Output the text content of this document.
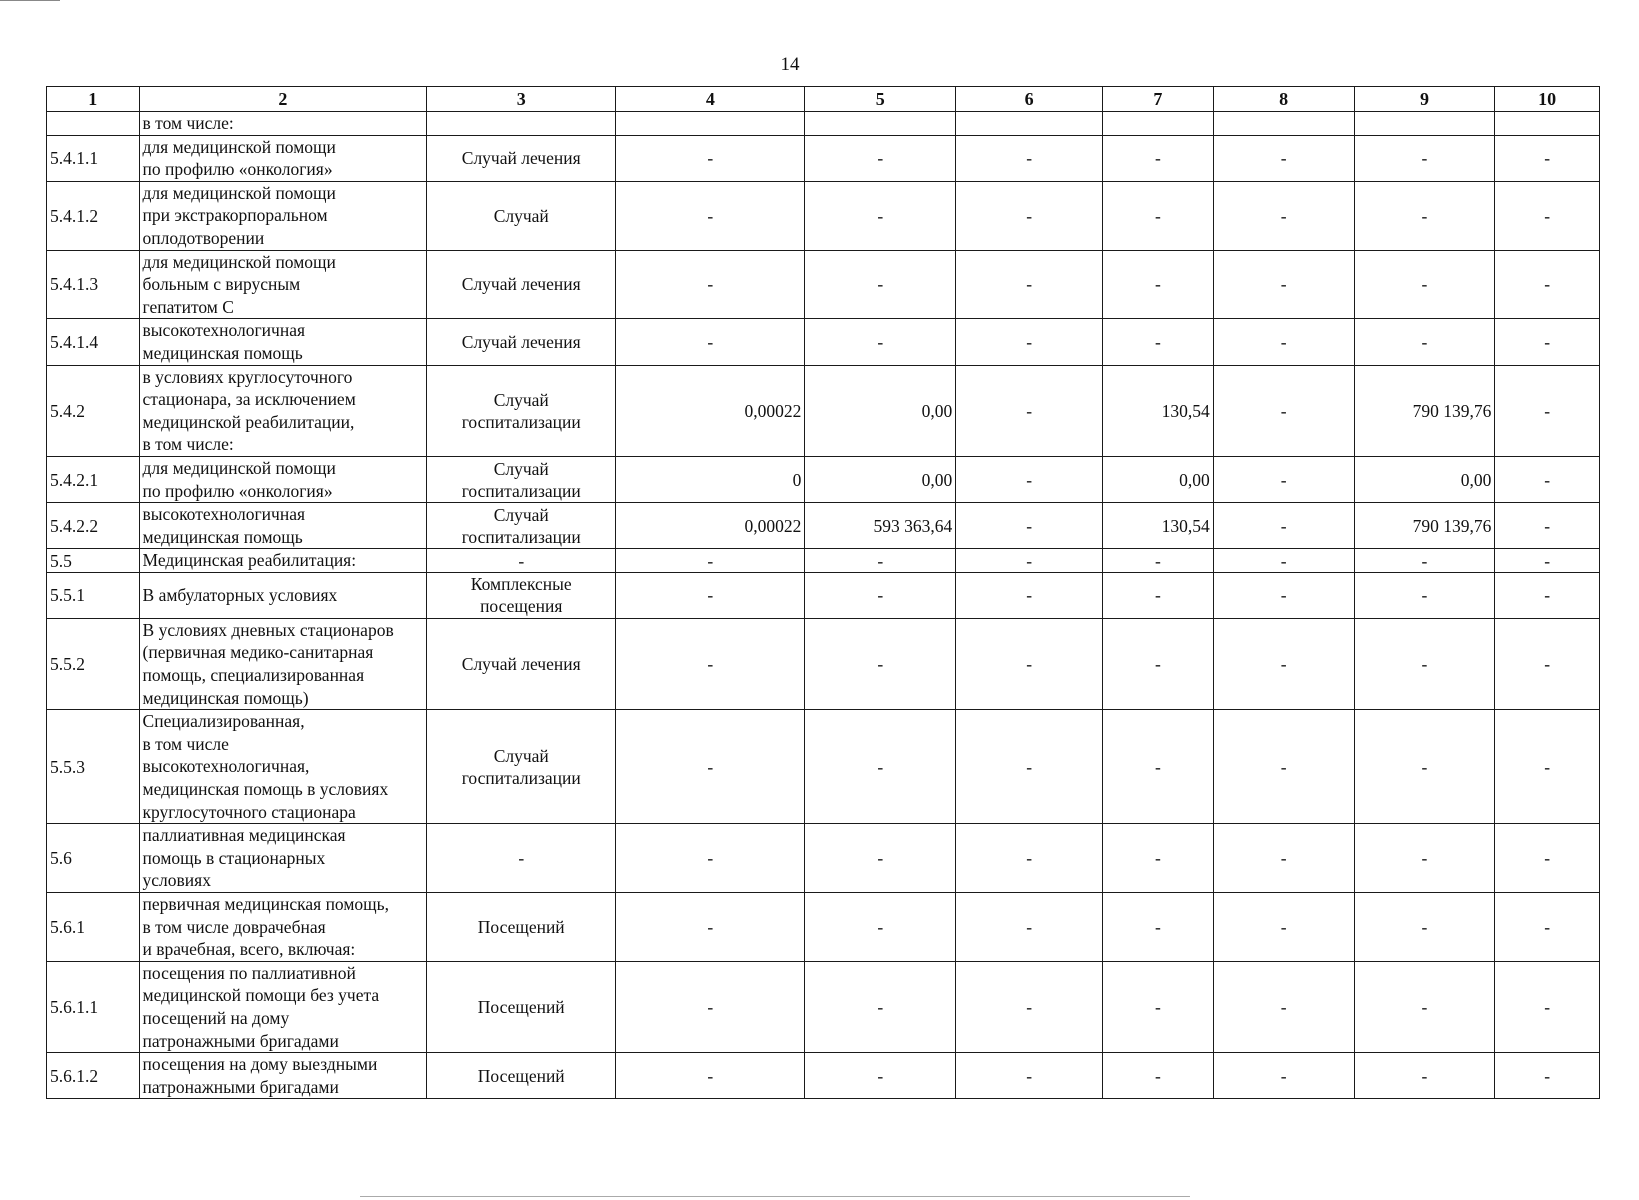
14
1	2	3	4	5	6	7	8	9	10
	в том числе:								
5.4.1.1	для медицинской помощи
по профилю «онкология»	Случай лечения	-	-	-	-	-	-	-
5.4.1.2	для медицинской помощи
при экстракорпоральном
оплодотворении	Случай	-	-	-	-	-	-	-
5.4.1.3	для медицинской помощи
больным с вирусным
гепатитом С	Случай лечения	-	-	-	-	-	-	-
5.4.1.4	высокотехнологичная
медицинская помощь	Случай лечения	-	-	-	-	-	-	-
5.4.2	в условиях круглосуточного
стационара, за исключением
медицинской реабилитации,
в том числе:	Случай
госпитализации	0,00022	0,00	-	130,54	-	790 139,76	-
5.4.2.1	для медицинской помощи
по профилю «онкология»	Случай
госпитализации	0	0,00	-	0,00	-	0,00	-
5.4.2.2	высокотехнологичная
медицинская помощь	Случай
госпитализации	0,00022	593 363,64	-	130,54	-	790 139,76	-
5.5	Медицинская реабилитация:	-	-	-	-	-	-	-	-
5.5.1	В амбулаторных условиях	Комплексные
посещения	-	-	-	-	-	-	-
5.5.2	В условиях дневных стационаров
(первичная медико-санитарная
помощь, специализированная
медицинская помощь)	Случай лечения	-	-	-	-	-	-	-
5.5.3	Специализированная,
в том числе
высокотехнологичная,
медицинская помощь в условиях
круглосуточного стационара	Случай
госпитализации	-	-	-	-	-	-	-
5.6	паллиативная медицинская
помощь в стационарных
условиях	-	-	-	-	-	-	-	-
5.6.1	первичная медицинская помощь,
в том числе доврачебная
и врачебная, всего, включая:	Посещений	-	-	-	-	-	-	-
5.6.1.1	посещения по паллиативной
медицинской помощи без учета
посещений на дому
патронажными бригадами	Посещений	-	-	-	-	-	-	-
5.6.1.2	посещения на дому выездными
патронажными бригадами	Посещений	-	-	-	-	-	-	-
